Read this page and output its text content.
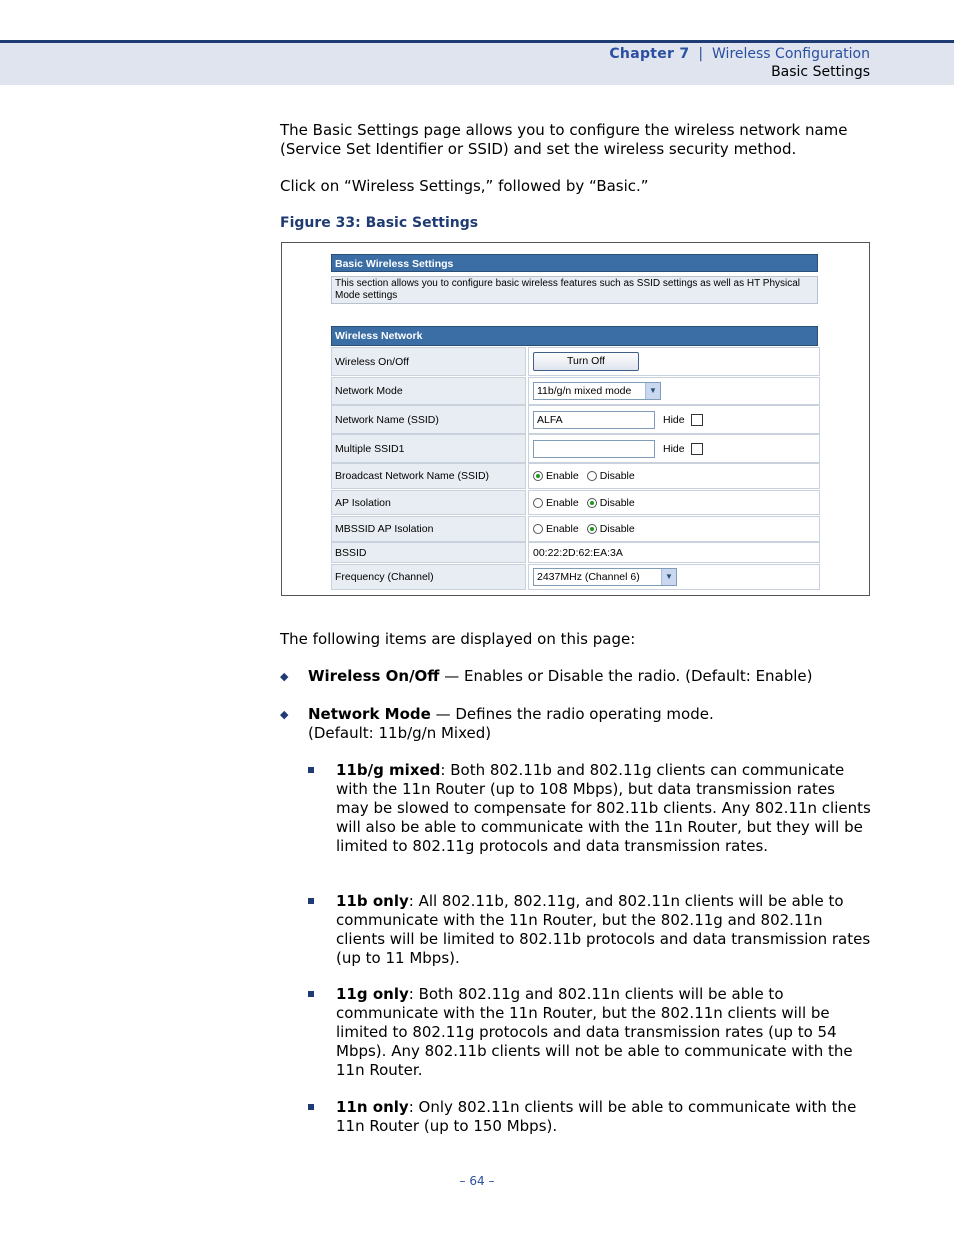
Chapter 7 | Wireless Configuration
Basic Settings
The Basic Settings page allows you to configure the wireless network name (Service Set Identifier or SSID) and set the wireless security method.
Click on “Wireless Settings,” followed by “Basic.”
Figure 33: Basic Settings
Basic Wireless Settings
This section allows you to configure basic wireless features such as SSID settings as well as HT Physical Mode settings
Wireless Network
Wireless On/Off	Turn Off
Network Mode	11b/g/n mixed mode	▼
Network Name (SSID)	ALFA	Hide
Multiple SSID1	Hide
Broadcast Network Name (SSID)	Enable Disable
AP Isolation	Enable Disable
MBSSID AP Isolation	Enable Disable
BSSID	00:22:2D:62:EA:3A
Frequency (Channel)	2437MHz (Channel 6)	▼
The following items are displayed on this page:
◆ Wireless On/Off — Enables or Disable the radio. (Default: Enable)
◆ Network Mode — Defines the radio operating mode.
(Default: 11b/g/n Mixed)
11b/g mixed: Both 802.11b and 802.11g clients can communicate with the 11n Router (up to 108 Mbps), but data transmission rates may be slowed to compensate for 802.11b clients. Any 802.11n clients will also be able to communicate with the 11n Router, but they will be limited to 802.11g protocols and data transmission rates.
11b only: All 802.11b, 802.11g, and 802.11n clients will be able to communicate with the 11n Router, but the 802.11g and 802.11n clients will be limited to 802.11b protocols and data transmission rates (up to 11 Mbps).
11g only: Both 802.11g and 802.11n clients will be able to communicate with the 11n Router, but the 802.11n clients will be limited to 802.11g protocols and data transmission rates (up to 54 Mbps). Any 802.11b clients will not be able to communicate with the 11n Router.
11n only: Only 802.11n clients will be able to communicate with the 11n Router (up to 150 Mbps).
– 64 –
